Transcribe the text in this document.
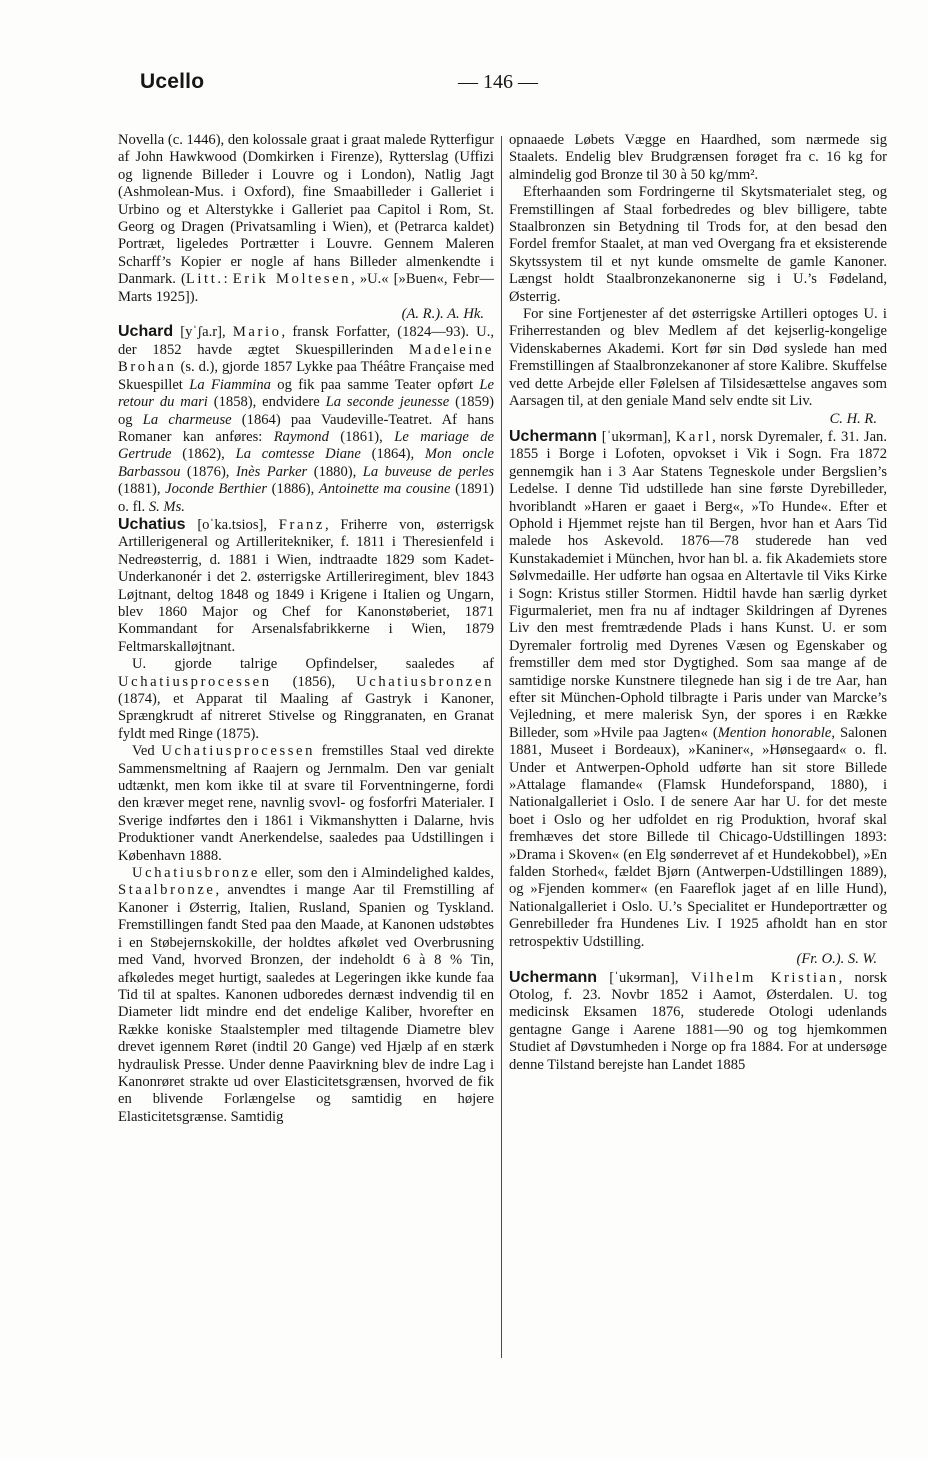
Ucello	— 146 —

Novella (c. 1446), den kolossale graat i graat malede Rytterfigur af John Hawkwood (Domkirken i Firenze), Rytterslag (Uffizi og lignende Billeder i Louvre og i London), Natlig Jagt (Ashmolean-Mus. i Oxford), fine Smaabilleder i Galleriet i Urbino og et Alterstykke i Galleriet paa Capitol i Rom, St. Georg og Dragen (Privatsamling i Wien), et (Petrarca kaldet) Portræt, ligeledes Portrætter i Louvre. Gennem Maleren Scharff’s Kopier er nogle af hans Billeder almenkendte i Danmark. (Litt.: Erik Moltesen, »U.« [»Buen«, Febr—Marts 1925]).
(A. R.). A. Hk.

Uchard [yˈʃa.r], Mario, fransk Forfatter, (1824—93). U., der 1852 havde ægtet Skuespillerinden Madeleine Brohan (s. d.), gjorde 1857 Lykke paa Théâtre Française med Skuespillet La Fiammina og fik paa samme Teater opført Le retour du mari (1858), endvidere La seconde jeunesse (1859) og La charmeuse (1864) paa Vaudeville-Teatret. Af hans Romaner kan anføres: Raymond (1861), Le mariage de Gertrude (1862), La comtesse Diane (1864), Mon oncle Barbassou (1876), Inès Parker (1880), La buveuse de perles (1881), Joconde Berthier (1886), Antoinette ma cousine (1891) o. fl. S. Ms.

Uchatius [oˈka.tsios], Franz, Friherre von, østerrigsk Artillerigeneral og Artilleritekniker, f. 1811 i Theresienfeld i Nedreøsterrig, d. 1881 i Wien, indtraadte 1829 som Kadet-Underkanonér i det 2. østerrigske Artilleriregiment, blev 1843 Løjtnant, deltog 1848 og 1849 i Krigene i Italien og Ungarn, blev 1860 Major og Chef for Kanonstøberiet, 1871 Kommandant for Arsenalsfabrikkerne i Wien, 1879 Feltmarskalløjtnant.

U. gjorde talrige Opfindelser, saaledes af Uchatiusprocessen (1856), Uchatiusbronzen (1874), et Apparat til Maaling af Gastryk i Kanoner, Sprængkrudt af nitreret Stivelse og Ringgranaten, en Granat fyldt med Ringe (1875).

Ved Uchatiusprocessen fremstilles Staal ved direkte Sammensmeltning af Raajern og Jernmalm. Den var genialt udtænkt, men kom ikke til at svare til Forventningerne, fordi den kræver meget rene, navnlig svovl- og fosforfri Materialer. I Sverige indførtes den i 1861 i Vikmanshytten i Dalarne, hvis Produktioner vandt Anerkendelse, saaledes paa Udstillingen i København 1888.

Uchatiusbronze eller, som den i Almindelighed kaldes, Staalbronze, anvendtes i mange Aar til Fremstilling af Kanoner i Østerrig, Italien, Rusland, Spanien og Tyskland. Fremstillingen fandt Sted paa den Maade, at Kanonen udstøbtes i en Støbejernskokille, der holdtes afkølet ved Overbrusning med Vand, hvorved Bronzen, der indeholdt 6 à 8 % Tin, afkøledes meget hurtigt, saaledes at Legeringen ikke kunde faa Tid til at spaltes. Kanonen udboredes dernæst indvendig til en Diameter lidt mindre end det endelige Kaliber, hvorefter en Række koniske Staalstempler med tiltagende Diametre blev drevet igennem Røret (indtil 20 Gange) ved Hjælp af en stærk hydraulisk Presse. Under denne Paavirkning blev de indre Lag i Kanonrøret strakte ud over Elasticitetsgrænsen, hvorved de fik en blivende Forlængelse og samtidig en højere Elasticitetsgrænse. Samtidig

opnaaede Løbets Vægge en Haardhed, som nærmede sig Staalets. Endelig blev Brudgrænsen forøget fra c. 16 kg for almindelig god Bronze til 30 à 50 kg/mm².

Efterhaanden som Fordringerne til Skytsmaterialet steg, og Fremstillingen af Staal forbedredes og blev billigere, tabte Staalbronzen sin Betydning til Trods for, at den besad den Fordel fremfor Staalet, at man ved Overgang fra et eksisterende Skytssystem til et nyt kunde omsmelte de gamle Kanoner. Længst holdt Staalbronzekanonerne sig i U.’s Fødeland, Østerrig.

For sine Fortjenester af det østerrigske Artilleri optoges U. i Friherrestanden og blev Medlem af det kejserlig-kongelige Videnskabernes Akademi. Kort før sin Død syslede han med Fremstillingen af Staalbronzekanoner af store Kalibre. Skuffelse ved dette Arbejde eller Følelsen af Tilsidesættelse angaves som Aarsagen til, at den geniale Mand selv endte sit Liv.
C. H. R.

Uchermann [ˈukɘrman], Karl, norsk Dyremaler, f. 31. Jan. 1855 i Borge i Lofoten, opvokset i Vik i Sogn. Fra 1872 gennemgik han i 3 Aar Statens Tegneskole under Bergslien’s Ledelse. I denne Tid udstillede han sine første Dyrebilleder, hvoriblandt »Haren er gaaet i Berg«, »To Hunde«. Efter et Ophold i Hjemmet rejste han til Bergen, hvor han et Aars Tid malede hos Askevold. 1876—78 studerede han ved Kunstakademiet i München, hvor han bl. a. fik Akademiets store Sølvmedaille. Her udførte han ogsaa en Altertavle til Viks Kirke i Sogn: Kristus stiller Stormen. Hidtil havde han særlig dyrket Figurmaleriet, men fra nu af indtager Skildringen af Dyrenes Liv den mest fremtrædende Plads i hans Kunst. U. er som Dyremaler fortrolig med Dyrenes Væsen og Egenskaber og fremstiller dem med stor Dygtighed. Som saa mange af de samtidige norske Kunstnere tilegnede han sig i de tre Aar, han efter sit München-Ophold tilbragte i Paris under van Marcke’s Vejledning, et mere malerisk Syn, der spores i en Række Billeder, som »Hvile paa Jagten« (Mention honorable, Salonen 1881, Museet i Bordeaux), »Kaniner«, »Hønsegaard« o. fl. Under et Antwerpen-Ophold udførte han sit store Billede »Attalage flamande« (Flamsk Hundeforspand, 1880), i Nationalgalleriet i Oslo. I de senere Aar har U. for det meste boet i Oslo og her udfoldet en rig Produktion, hvoraf skal fremhæves det store Billede til Chicago-Udstillingen 1893: »Drama i Skoven« (en Elg sønderrevet af et Hundekobbel), »En falden Storhed«, fældet Bjørn (Antwerpen-Udstillingen 1889), og »Fjenden kommer« (en Faareflok jaget af en lille Hund), Nationalgalleriet i Oslo. U.’s Specialitet er Hundeportrætter og Genrebilleder fra Hundenes Liv. I 1925 afholdt han en stor retrospektiv Udstilling.
(Fr. O.). S. W.

Uchermann [ˈukɘrman], Vilhelm Kristian, norsk Otolog, f. 23. Novbr 1852 i Aamot, Østerdalen. U. tog medicinsk Eksamen 1876, studerede Otologi udenlands gentagne Gange i Aarene 1881—90 og tog hjemkommen Studiet af Døvstumheden i Norge op fra 1884. For at undersøge denne Tilstand berejste han Landet 1885
